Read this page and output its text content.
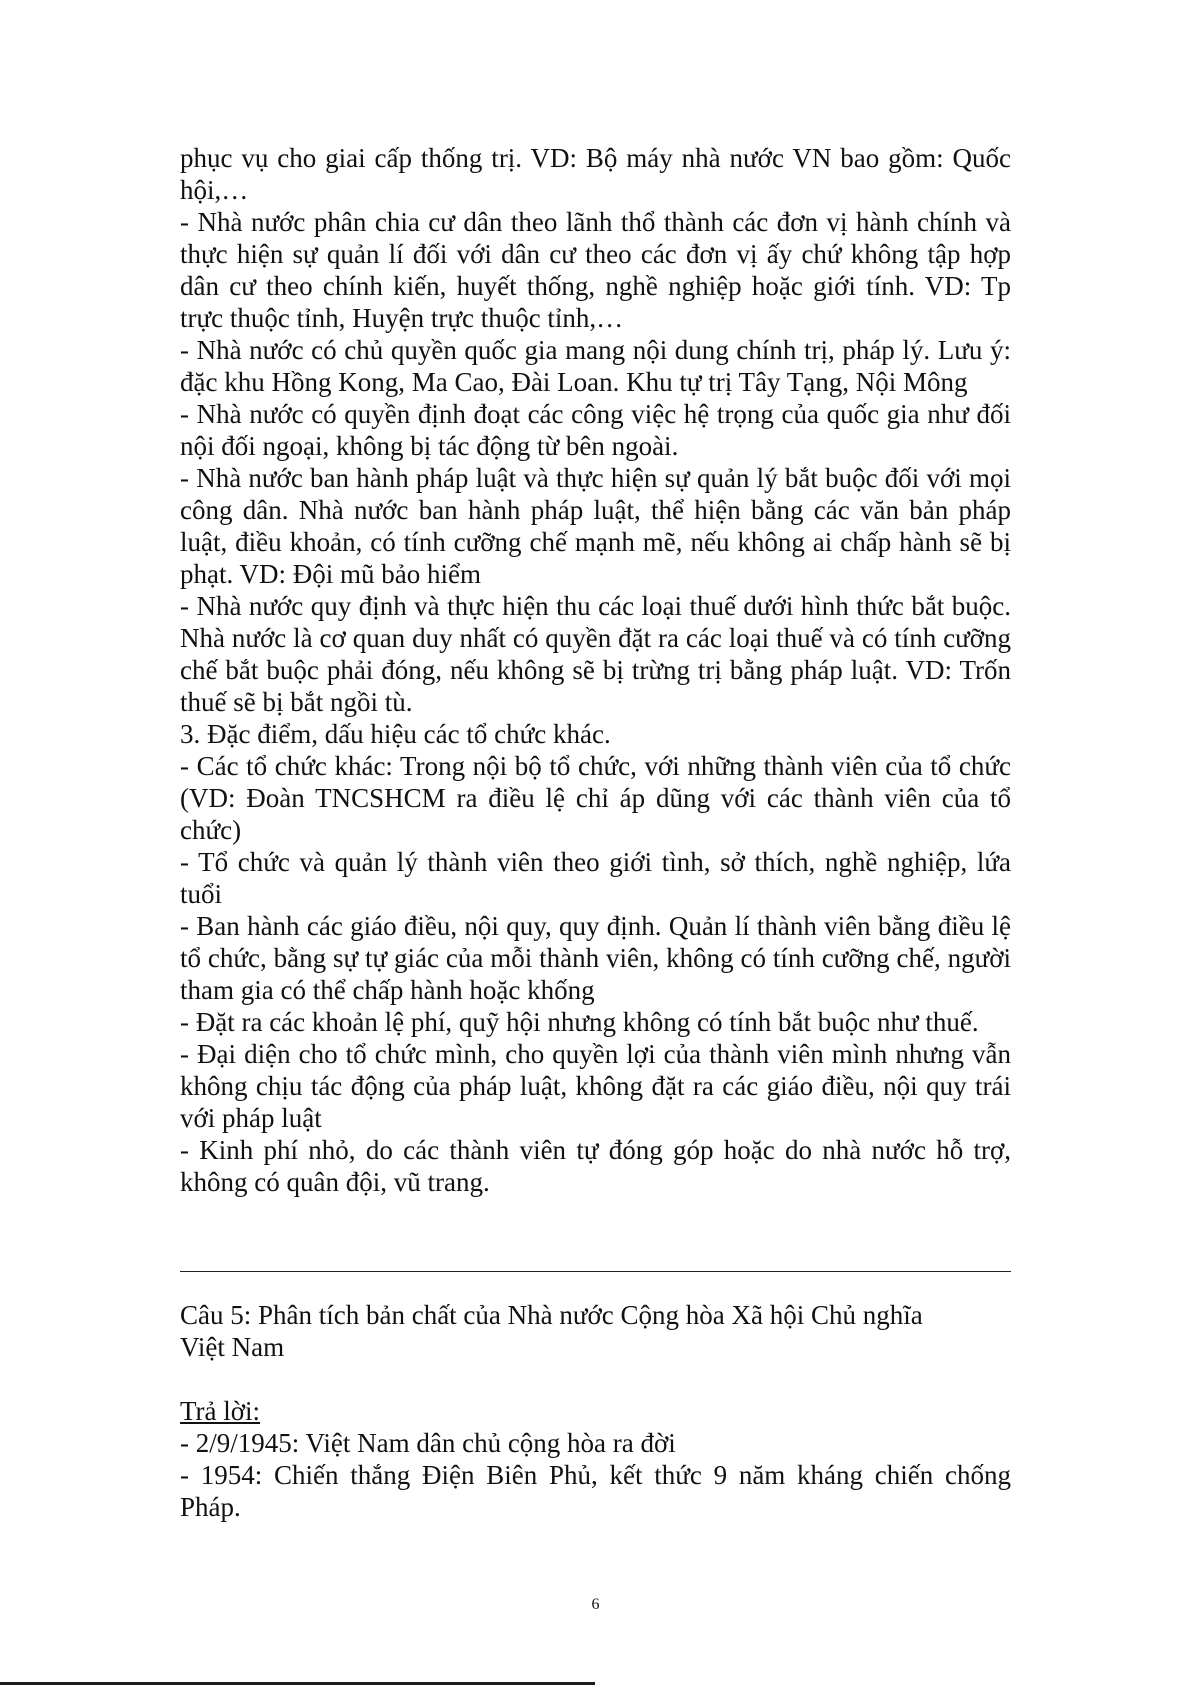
phục vụ cho giai cấp thống trị. VD: Bộ máy nhà nước VN bao gồm: Quốc hội,…

- Nhà nước phân chia cư dân theo lãnh thổ thành các đơn vị hành chính và thực hiện sự quản lí đối với dân cư theo các đơn vị ấy chứ không tập hợp dân cư theo chính kiến, huyết thống, nghề nghiệp hoặc giới tính. VD: Tp trực thuộc tỉnh, Huyện trực thuộc tỉnh,…

- Nhà nước có chủ quyền quốc gia mang nội dung chính trị, pháp lý. Lưu ý: đặc khu Hồng Kong, Ma Cao, Đài Loan. Khu tự trị Tây Tạng, Nội Mông

- Nhà nước có quyền định đoạt các công việc hệ trọng của quốc gia như đối nội đối ngoại, không bị tác động từ bên ngoài.

- Nhà nước ban hành pháp luật và thực hiện sự quản lý bắt buộc đối với mọi công dân. Nhà nước ban hành pháp luật, thể hiện bằng các văn bản pháp luật, điều khoản, có tính cưỡng chế mạnh mẽ, nếu không ai chấp hành sẽ bị phạt. VD: Đội mũ bảo hiểm

- Nhà nước quy định và thực hiện thu các loại thuế dưới hình thức bắt buộc. Nhà nước là cơ quan duy nhất có quyền đặt ra các loại thuế và có tính cưỡng chế bắt buộc phải đóng, nếu không sẽ bị trừng trị bằng pháp luật. VD: Trốn thuế sẽ bị bắt ngồi tù.

3. Đặc điểm, dấu hiệu các tổ chức khác.

- Các tổ chức khác: Trong nội bộ tổ chức, với những thành viên của tổ chức (VD: Đoàn TNCSHCM ra điều lệ chỉ áp dũng với các thành viên của tổ chức)

- Tổ chức và quản lý thành viên theo giới tình, sở thích, nghề nghiệp, lứa tuổi

- Ban hành các giáo điều, nội quy, quy định. Quản lí thành viên bằng điều lệ tổ chức, bằng sự tự giác của mỗi thành viên, không có tính cưỡng chế, người tham gia có thể chấp hành hoặc khống

- Đặt ra các khoản lệ phí, quỹ hội nhưng không có tính bắt buộc như thuế.

- Đại diện cho tổ chức mình, cho quyền lợi của thành viên mình nhưng vẫn không chịu tác động của pháp luật, không đặt ra các giáo điều, nội quy trái với pháp luật

- Kinh phí nhỏ, do các thành viên tự đóng góp hoặc do nhà nước hỗ trợ, không có quân đội, vũ trang.

Câu 5: Phân tích bản chất của Nhà nước Cộng hòa Xã hội Chủ nghĩa Việt Nam

Trả lời:

- 2/9/1945: Việt Nam dân chủ cộng hòa ra đời

- 1954: Chiến thắng Điện Biên Phủ, kết thức 9 năm kháng chiến chống Pháp.

6
